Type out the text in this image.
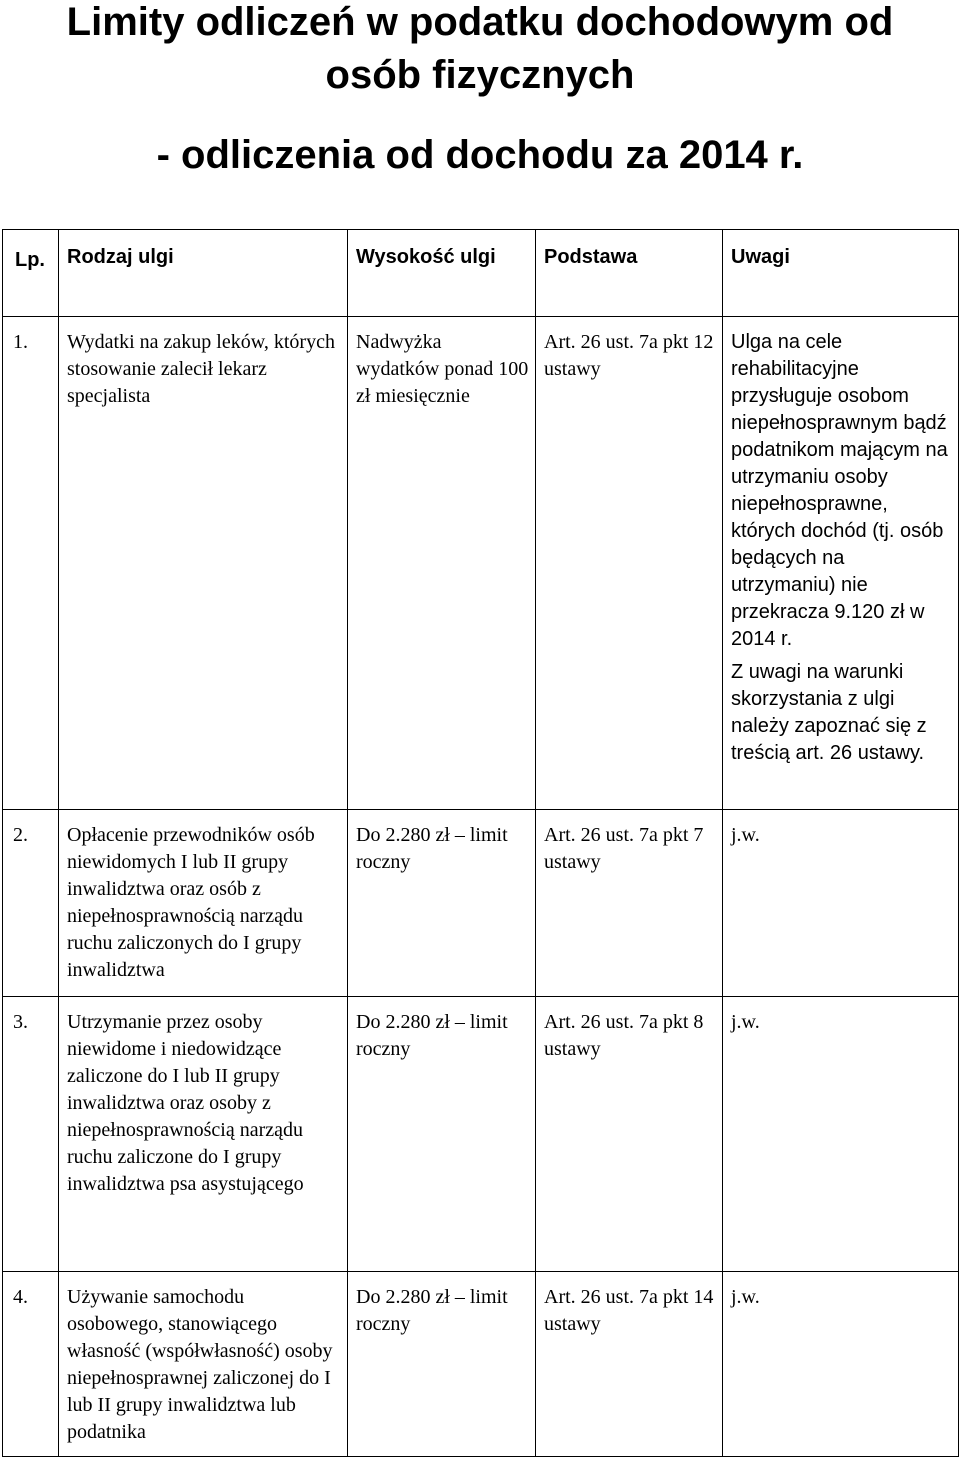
Limity odliczeń w podatku dochodowym od
osób fizycznych
- odliczenia od dochodu za 2014 r.
Lp.	Rodzaj ulgi	Wysokość ulgi	Podstawa	Uwagi
1.	Wydatki na zakup leków, których stosowanie zalecił lekarz specjalista	Nadwyżka wydatków ponad 100 zł miesięcznie	Art. 26 ust. 7a pkt 12 ustawy	Ulga na cele rehabilitacyjne przysługuje osobom niepełnosprawnym bądź podatnikom mającym na utrzymaniu osoby niepełnosprawne, których dochód (tj. osób będących na utrzymaniu) nie przekracza 9.120 zł w 2014 r.

Z uwagi na warunki skorzystania z ulgi należy zapoznać się z treścią art. 26 ustawy.

2.	Opłacenie przewodników osób niewidomych I lub II grupy inwalidztwa oraz osób z niepełnosprawnością narządu ruchu zaliczonych do I grupy inwalidztwa	Do 2.280 zł – limit roczny	Art. 26 ust. 7a pkt 7 ustawy	j.w.
3.	Utrzymanie przez osoby niewidome i niedowidzące zaliczone do I lub II grupy inwalidztwa oraz osoby z niepełnosprawnością narządu ruchu zaliczone do I grupy inwalidztwa psa asystującego	Do 2.280 zł – limit roczny	Art. 26 ust. 7a pkt 8 ustawy	j.w.
4.	Używanie samochodu osobowego, stanowiącego własność (współwłasność) osoby niepełnosprawnej zaliczonej do I lub II grupy inwalidztwa lub podatnika	Do 2.280 zł – limit roczny	Art. 26 ust. 7a pkt 14 ustawy	j.w.
